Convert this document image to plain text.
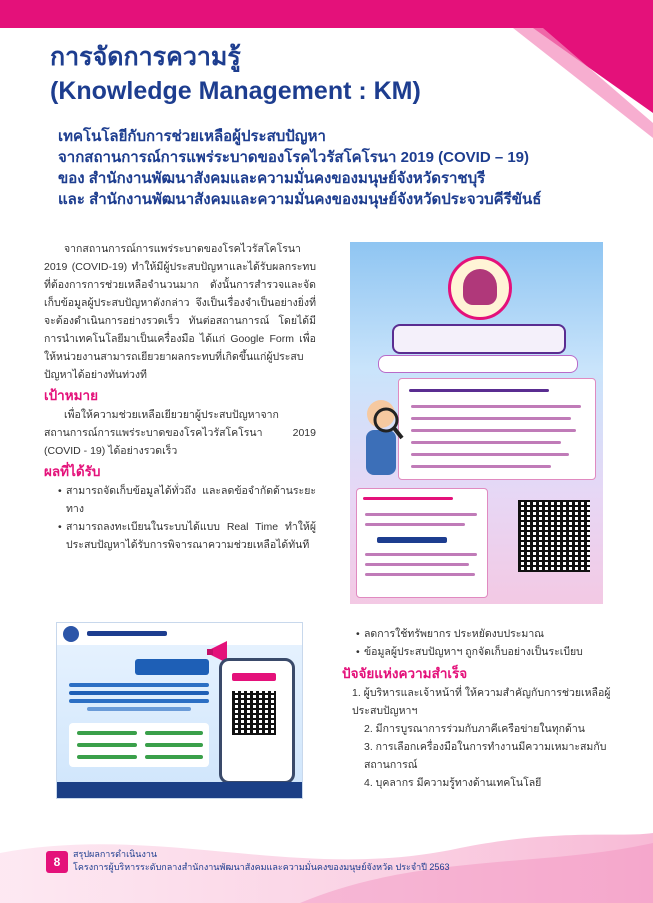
การจัดการความรู้
(Knowledge Management : KM)
เทคโนโลยีกับการช่วยเหลือผู้ประสบปัญหา
จากสถานการณ์การแพร่ระบาดของโรคไวรัสโคโรนา 2019 (COVID – 19)
ของ สำนักงานพัฒนาสังคมและความมั่นคงของมนุษย์จังหวัดราชบุรี
และ สำนักงานพัฒนาสังคมและความมั่นคงของมนุษย์จังหวัดประจวบคีรีขันธ์

จากสถานการณ์การแพร่ระบาดของโรคไวรัสโคโรนา 2019 (COVID-19) ทำให้มีผู้ประสบปัญหาและได้รับผลกระทบที่ต้องการการช่วยเหลือจำนวนมาก ดังนั้นการสำรวจและจัดเก็บข้อมูลผู้ประสบปัญหาดังกล่าว จึงเป็นเรื่องจำเป็นอย่างยิ่งที่จะต้องดำเนินการอย่างรวดเร็ว ทันต่อสถานการณ์ โดยได้มีการนำเทคโนโลยีมาเป็นเครื่องมือ ได้แก่ Google Form เพื่อให้หน่วยงานสามารถเยียวยาผลกระทบที่เกิดขึ้นแก่ผู้ประสบปัญหาได้อย่างทันท่วงที

เป้าหมาย

เพื่อให้ความช่วยเหลือเยียวยาผู้ประสบปัญหาจากสถานการณ์การแพร่ระบาดของโรคไวรัสโคโรนา 2019 (COVID - 19) ได้อย่างรวดเร็ว

ผลที่ได้รับ

• สามารถจัดเก็บข้อมูลได้ทั่วถึง และลดข้อจำกัดด้านระยะทาง

• สามารถลงทะเบียนในระบบได้แบบ Real Time ทำให้ผู้ประสบปัญหาได้รับการพิจารณาความช่วยเหลือได้ทันที

• ลดการใช้ทรัพยากร ประหยัดงบประมาณ

• ข้อมูลผู้ประสบปัญหาฯ ถูกจัดเก็บอย่างเป็นระเบียบ

ปัจจัยแห่งความสำเร็จ

1. ผู้บริหารและเจ้าหน้าที่ ให้ความสำคัญกับการช่วยเหลือผู้ประสบปัญหาฯ

2. มีการบูรณาการร่วมกับภาคีเครือข่ายในทุกด้าน

3. การเลือกเครื่องมือในการทำงานมีความเหมาะสมกับสถานการณ์

4. บุคลากร มีความรู้ทางด้านเทคโนโลยี

8
สรุปผลการดำเนินงาน
โครงการผู้บริหารระดับกลางสำนักงานพัฒนาสังคมและความมั่นคงของมนุษย์จังหวัด ประจำปี 2563
